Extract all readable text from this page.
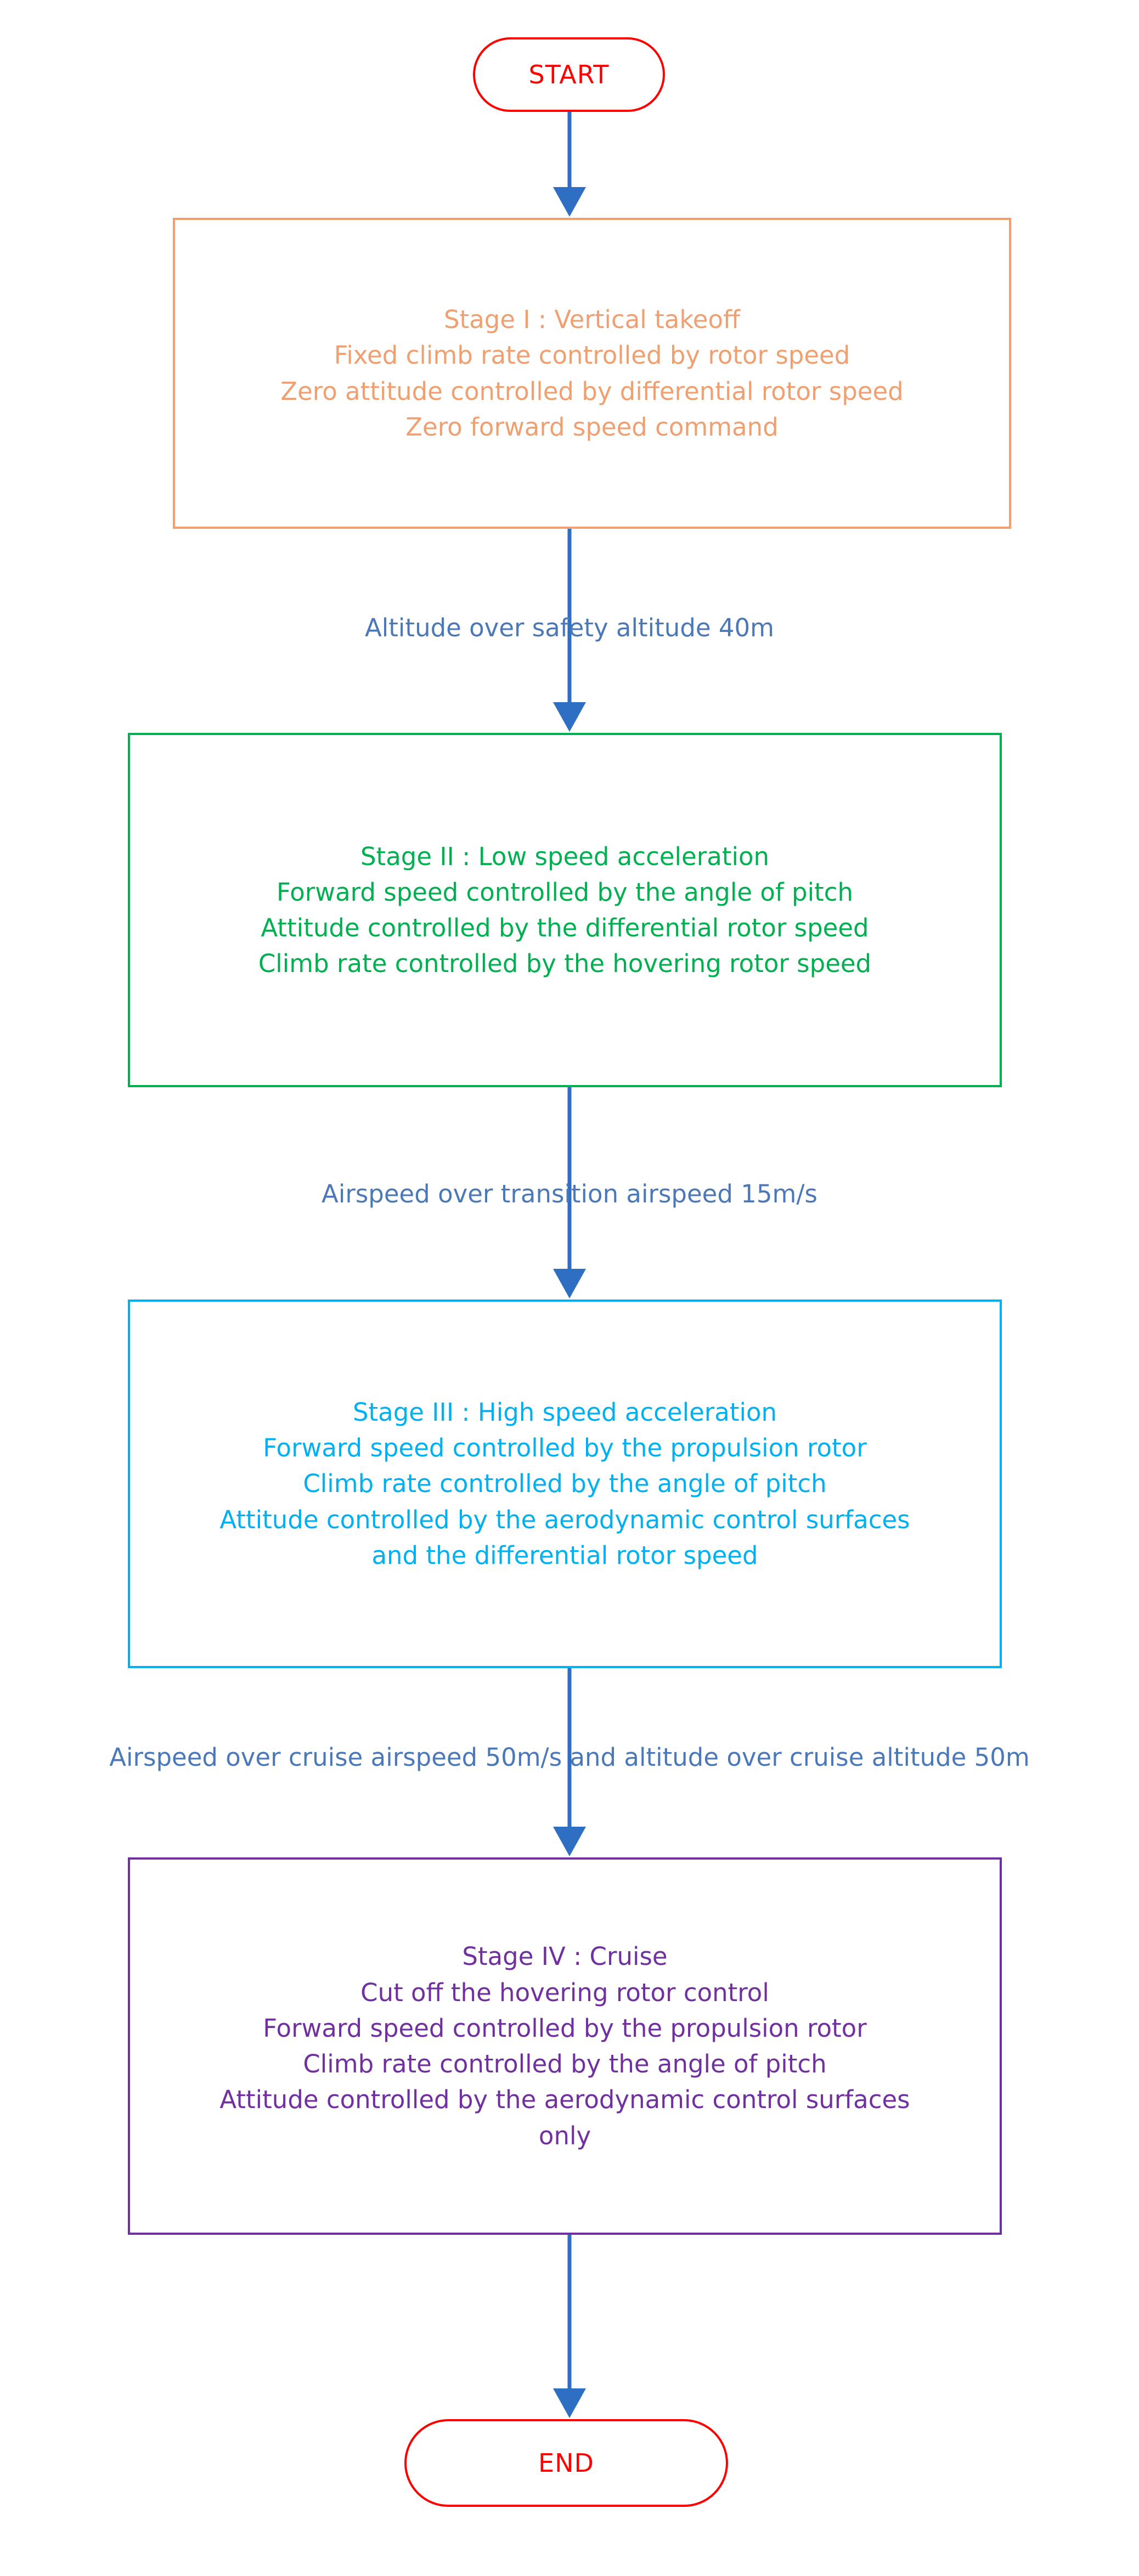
START
Stage I : Vertical takeoff
Fixed climb rate controlled by rotor speed
Zero attitude controlled by differential rotor speed
Zero forward speed command
Altitude over safety altitude 40m
Stage II : Low speed acceleration
Forward speed controlled by the angle of pitch
Attitude controlled by the differential rotor speed
Climb rate controlled by the hovering rotor speed
Airspeed over transition airspeed 15m/s
Stage III : High speed acceleration
Forward speed controlled by the propulsion rotor
Climb rate controlled by the angle of pitch
Attitude controlled by the aerodynamic control surfaces
and the differential rotor speed
Airspeed over cruise airspeed 50m/s and altitude over cruise altitude 50m
Stage IV : Cruise
Cut off the hovering rotor control
Forward speed controlled by the propulsion rotor
Climb rate controlled by the angle of pitch
Attitude controlled by the aerodynamic control surfaces
only
END
